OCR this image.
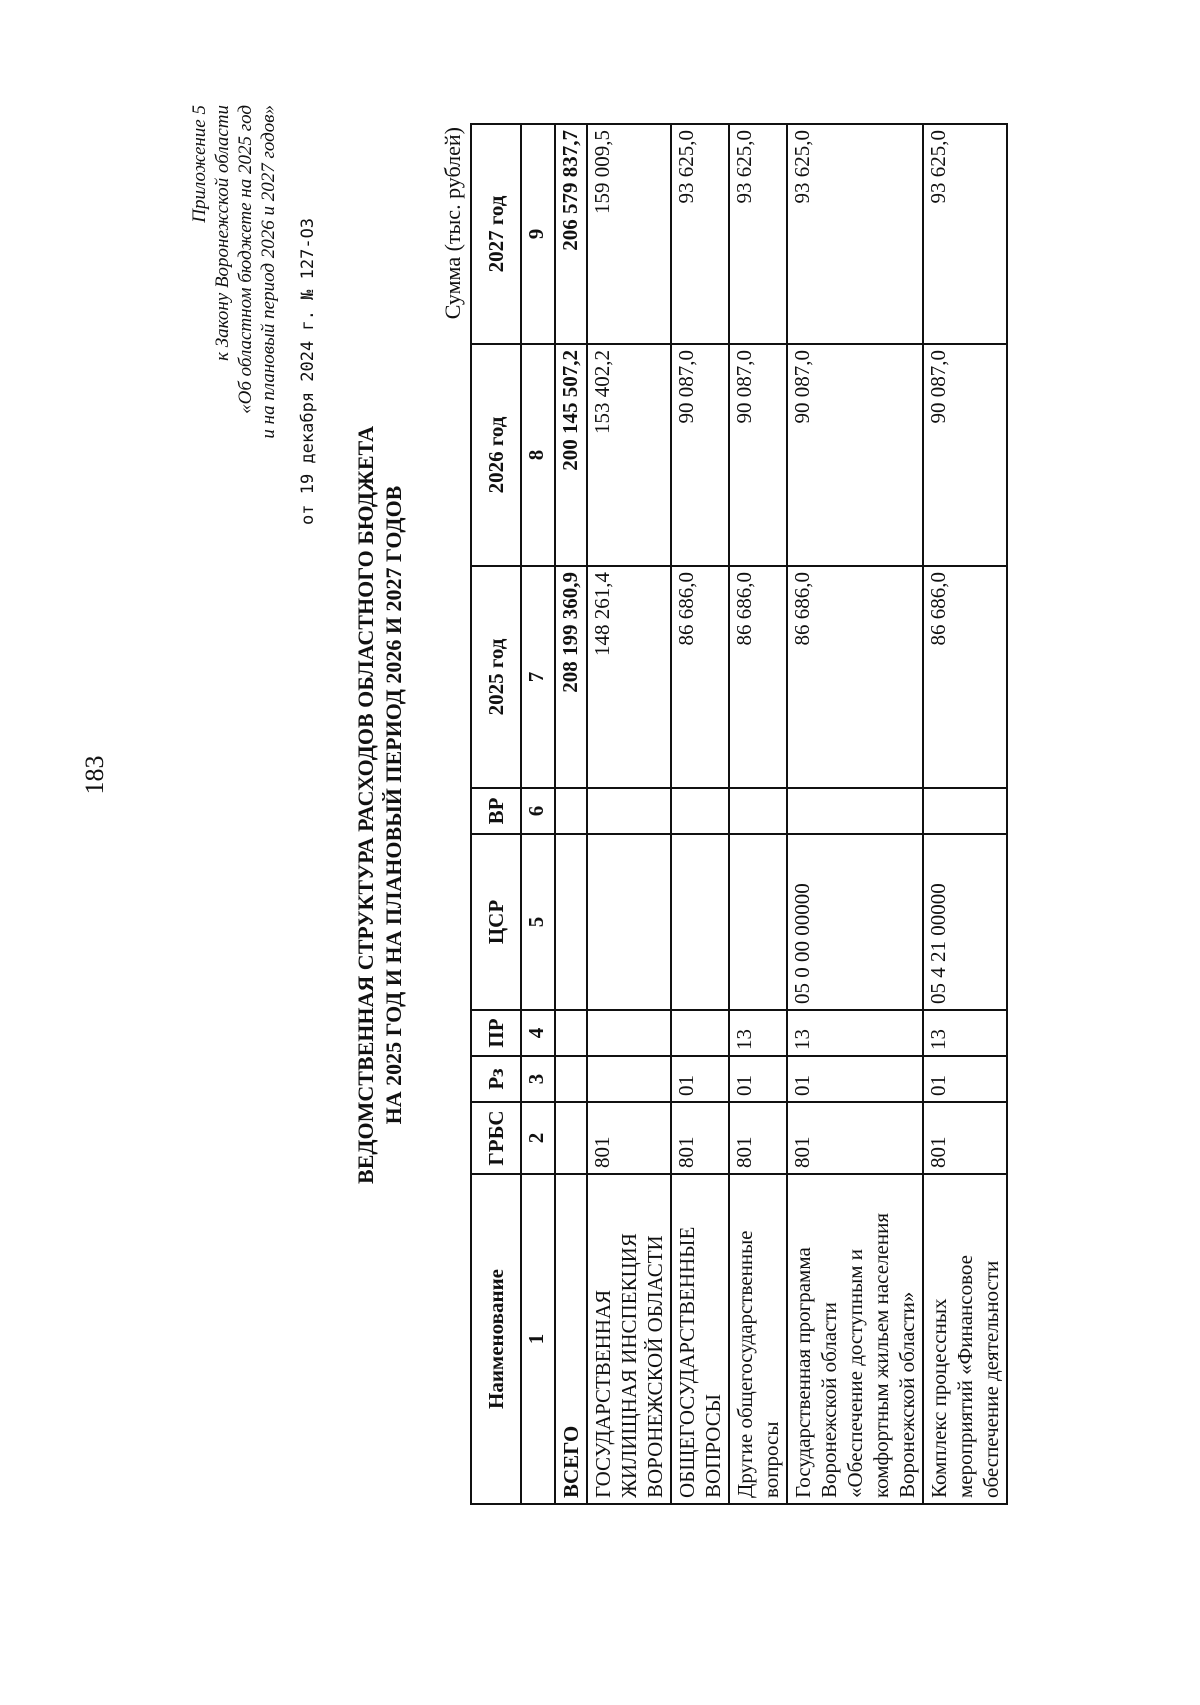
183
Приложение 5 к Закону Воронежской области «Об областном бюджете на 2025 год и на плановый период 2026 и 2027 годов» от 19 декабря 2024 г. № 127-ОЗ
ВЕДОМСТВЕННАЯ СТРУКТУРА РАСХОДОВ ОБЛАСТНОГО БЮДЖЕТА НА 2025 ГОД И НА ПЛАНОВЫЙ ПЕРИОД 2026 И 2027 ГОДОВ
Сумма (тыс. рублей)
Наименование	ГРБС	Рз	ПР	ЦСР	ВР	2025 год	2026 год	2027 год
1	2	3	4	5	6	7	8	9
ВСЕГО						208 199 360,9	200 145 507,2	206 579 837,7
ГОСУДАРСТВЕННАЯ ЖИЛИЩНАЯ ИНСПЕКЦИЯ ВОРОНЕЖСКОЙ ОБЛАСТИ	801					148 261,4	153 402,2	159 009,5
ОБЩЕГОСУДАРСТВЕННЫЕ ВОПРОСЫ	801	01				86 686,0	90 087,0	93 625,0
Другие общегосударственные вопросы	801	01	13			86 686,0	90 087,0	93 625,0
Государственная программа Воронежской области «Обеспечение доступным и комфортным жильем населения Воронежской области»	801	01	13	05 0 00 00000		86 686,0	90 087,0	93 625,0
Комплекс процессных мероприятий «Финансовое обеспечение деятельности	801	01	13	05 4 21 00000		86 686,0	90 087,0	93 625,0
